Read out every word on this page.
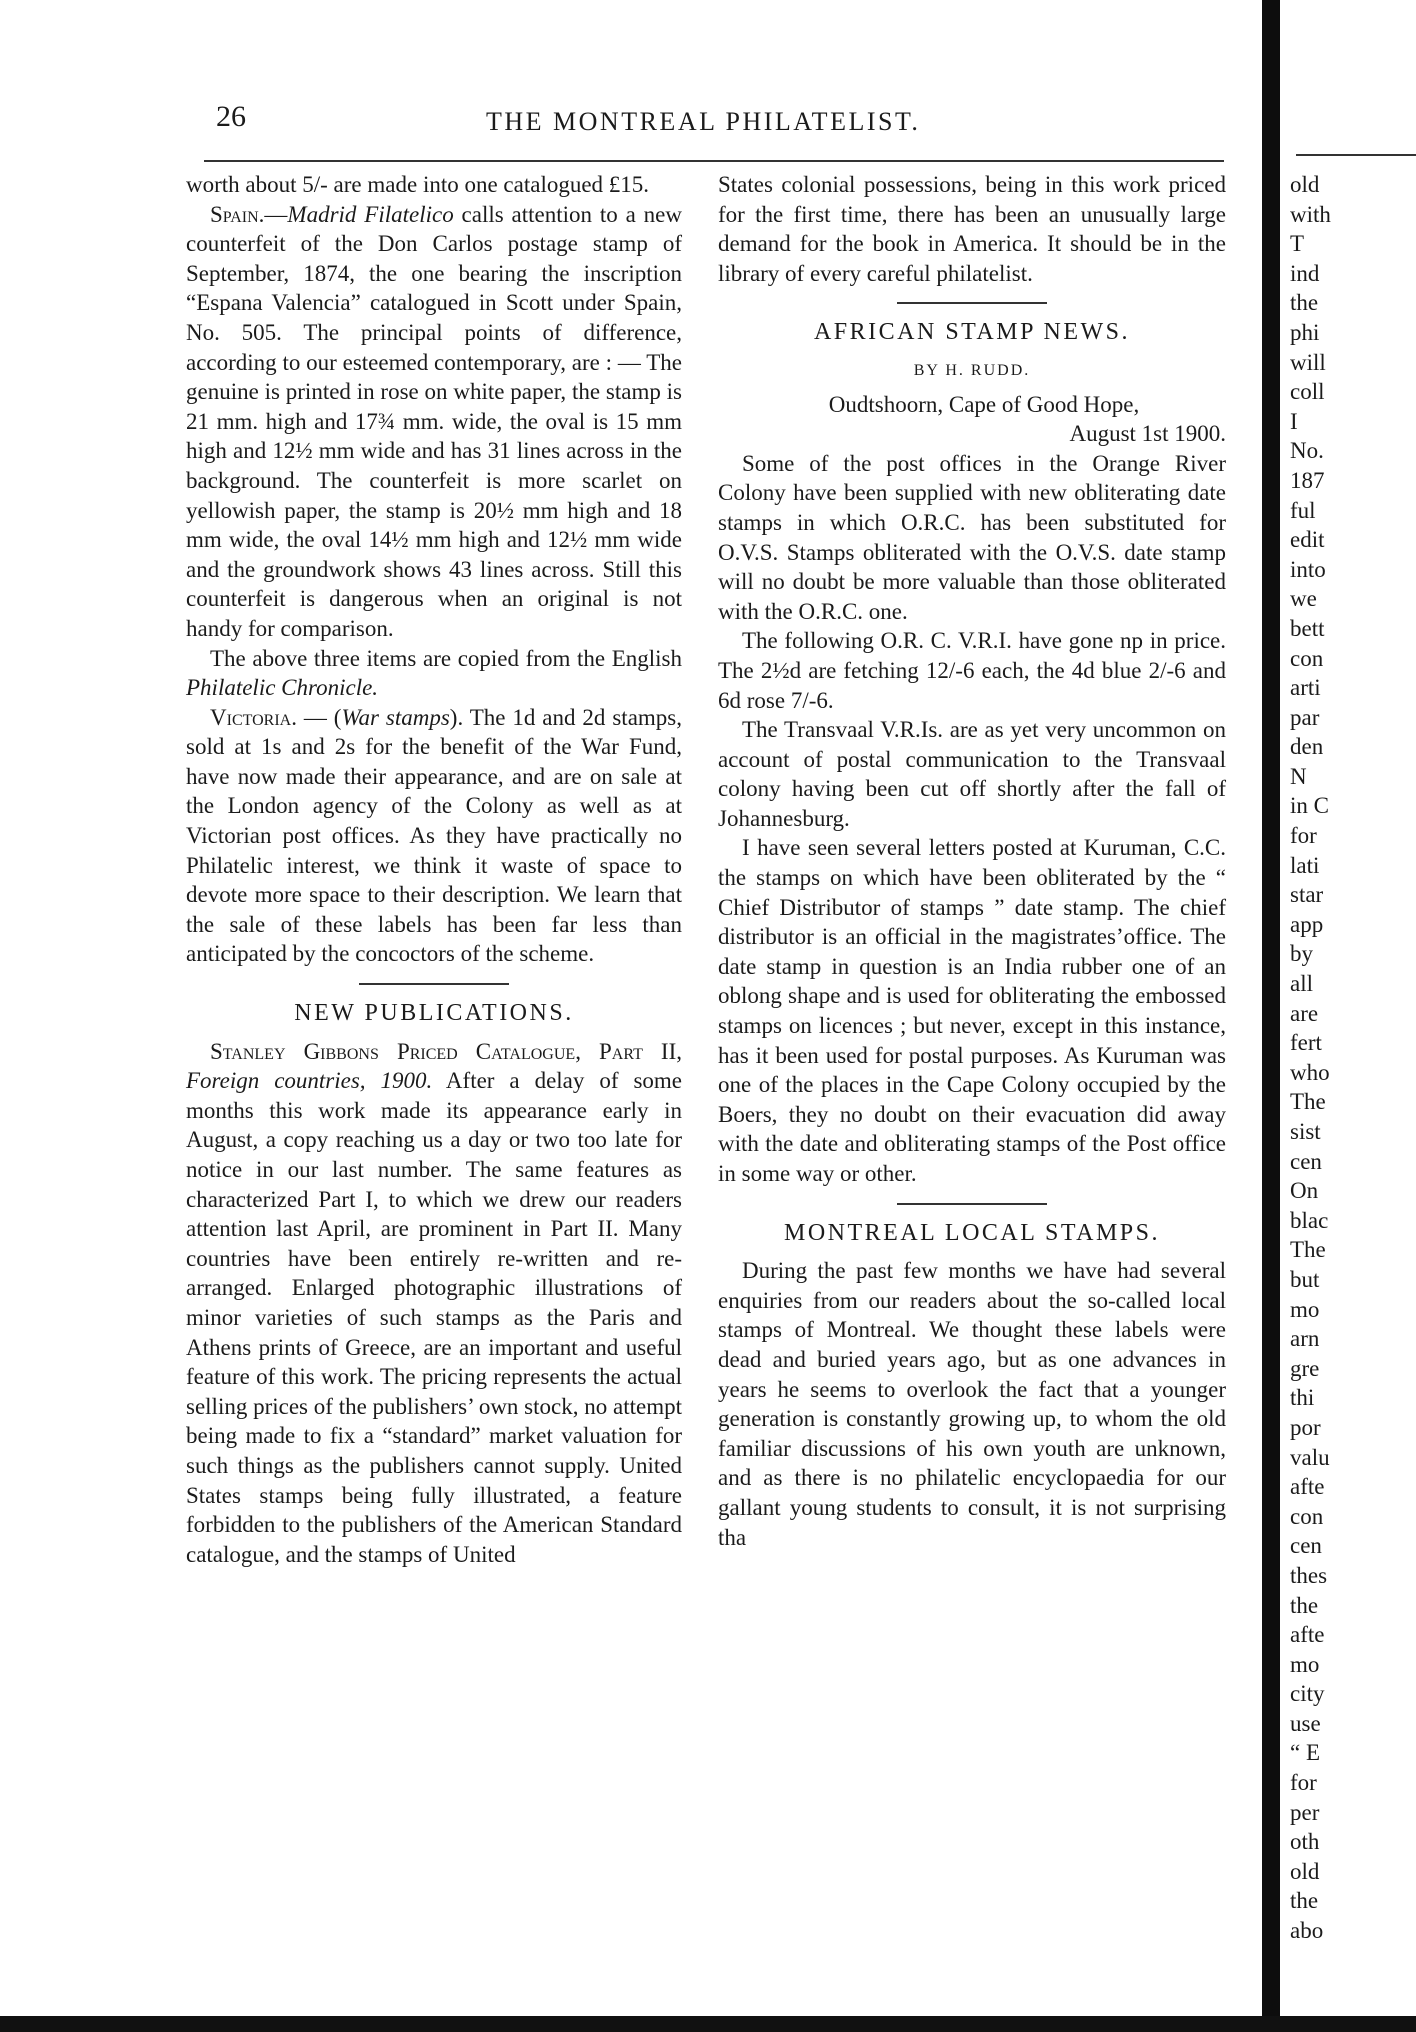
26	THE MONTREAL PHILATELIST.

worth about 5/- are made into one catalogued £15.

Spain.—Madrid Filatelico calls attention to a new counterfeit of the Don Carlos postage stamp of September, 1874, the one bearing the inscription “Espana Valencia” catalogued in Scott under Spain, No. 505. The principal points of difference, according to our esteemed contemporary, are : — The genuine is printed in rose on white paper, the stamp is 21 mm. high and 17¾ mm. wide, the oval is 15 mm high and 12½ mm wide and has 31 lines across in the background. The counterfeit is more scarlet on yellowish paper, the stamp is 20½ mm high and 18 mm wide, the oval 14½ mm high and 12½ mm wide and the groundwork shows 43 lines across. Still this counterfeit is dangerous when an original is not handy for comparison.

The above three items are copied from the English Philatelic Chronicle.

Victoria. — (War stamps). The 1d and 2d stamps, sold at 1s and 2s for the benefit of the War Fund, have now made their appearance, and are on sale at the London agency of the Colony as well as at Victorian post offices. As they have practically no Philatelic interest, we think it waste of space to devote more space to their description. We learn that the sale of these labels has been far less than anticipated by the concoctors of the scheme.

NEW PUBLICATIONS.

Stanley Gibbons Priced Catalogue, Part II, Foreign countries, 1900. After a delay of some months this work made its appearance early in August, a copy reaching us a day or two too late for notice in our last number. The same features as characterized Part I, to which we drew our readers attention last April, are prominent in Part II. Many countries have been entirely re-written and re-arranged. Enlarged photographic illustrations of minor varieties of such stamps as the Paris and Athens prints of Greece, are an important and useful feature of this work. The pricing represents the actual selling prices of the publishers’ own stock, no attempt being made to fix a “standard” market valuation for such things as the publishers cannot supply. United States stamps being fully illustrated, a feature forbidden to the publishers of the American Standard catalogue, and the stamps of United

States colonial possessions, being in this work priced for the first time, there has been an unusually large demand for the book in America. It should be in the library of every careful philatelist.

AFRICAN STAMP NEWS.
BY H. RUDD.

Oudtshoorn, Cape of Good Hope,

August 1st 1900.

Some of the post offices in the Orange River Colony have been supplied with new obliterating date stamps in which O.R.C. has been substituted for O.V.S. Stamps obliterated with the O.V.S. date stamp will no doubt be more valuable than those obliterated with the O.R.C. one.

The following O.R. C. V.R.I. have gone np in price. The 2½d are fetching 12/-6 each, the 4d blue 2/-6 and 6d rose 7/-6.

The Transvaal V.R.Is. are as yet very uncommon on account of postal communication to the Transvaal colony having been cut off shortly after the fall of Johannesburg.

I have seen several letters posted at Kuruman, C.C. the stamps on which have been obliterated by the “ Chief Distributor of stamps ” date stamp. The chief distributor is an official in the magistrates’office. The date stamp in question is an India rubber one of an oblong shape and is used for obliterating the embossed stamps on licences ; but never, except in this instance, has it been used for postal purposes. As Kuruman was one of the places in the Cape Colony occupied by the Boers, they no doubt on their evacuation did away with the date and obliterating stamps of the Post office in some way or other.

MONTREAL LOCAL STAMPS.

During the past few months we have had several enquiries from our readers about the so-called local stamps of Montreal. We thought these labels were dead and buried years ago, but as one advances in years he seems to overlook the fact that a younger generation is constantly growing up, to whom the old familiar discussions of his own youth are unknown, and as there is no philatelic encyclopaedia for our gallant young students to consult, it is not surprising tha

old
with
T
ind
the
phi
will
coll
I
No.
187
ful
edit
into
we
bett
con
arti
par
den
N
in C
for
lati
star
app
by
all
are
fert
who
The
sist
cen
On
blac
The
but
mo
arn
gre
thi
por
valu
afte
con
cen
thes
the
afte
mo
city
use
“ E
for
per
oth
old
the
abo
